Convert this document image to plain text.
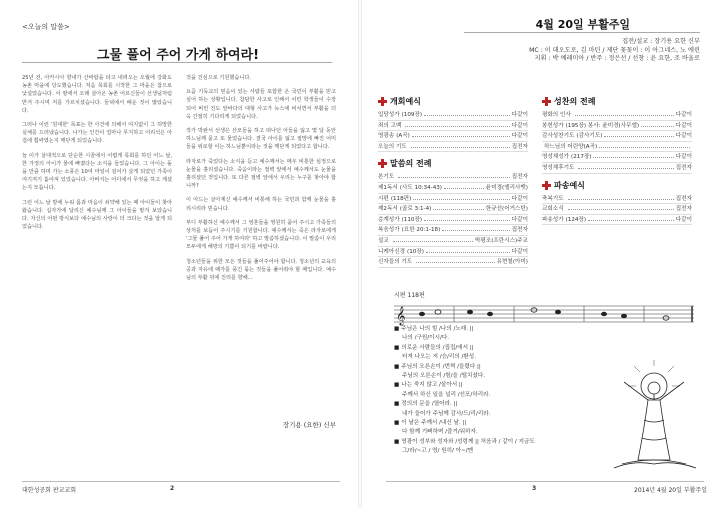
<오늘의 말씀>
그물 풀어 주어 가게 하여라!

25년 전, 아카시아 향내가 산바람을 타고 내려오는 오월에 강화도 농촌 마을에 당도했습니다. 처음 목회를 시작한 그 마을은 참으로 낯설었습니다. 이 땅에서 오래 살아온 농촌 어르신들이 선생님처럼 반겨 주시며 저를 가르치셨습니다. 들녘에서 배운 것이 많았습니다.

그러나 이런 '원대한' 목표는 한 사건에 의해서 여지없이 그 허망한 실체를 드러냈습니다. 나가는 인간이 얼마나 무지하고 어리석은 아집에 휩싸였는지 깨닫게 되었습니다.

늘 이가 살대적으로 단순한 시골에서 어렵게 목회를 하던 어느 날, 한 가정의 아이가 물에 빠졌다는 소식을 들었습니다. 그 아이는 돌을 만큼 하며 가는 소풍은 10여 마일이 걸어가 살게 되었던 가족이 여기저기 흩어져 있었습니다. 아버지는 어디에서 무엇을 하고 계셨는지 모릅니다.

그런 어느 날 방에 누워 몸과 마음이 쇠약해 있는 때 아이들이 찾아왔습니다. 십자가에 달리신 예수님께 그 아이들을 맡겨 보았습니다. 자신의 어떤 방식보다 예수님의 사랑이 더 크다는 것을 알게 되었습니다.

것을 진심으로 기원했습니다.

요즘 기독교의 믿음이 있는 사람들 포함한 온 국민이 부활을 믿고 싶어 하는 상황입니다. 참담한 사고로 인해서 어린 학생들이 수장되어 버린 진도 앞바다의 대형 사고가 뉴스에 비치면서 부활을 더욱 간절히 기다리게 되었습니다.

작가 박완서 선생은 산모들을 하고 떠나던 아들을 잃고 몇 달 동안 하느님께 묻고 또 물었습니다. 결국 아이를 잃고 절망에 빠진 어미들을 위로할 이는 하느님뿐이라는 것을 깨닫게 되었다고 합니다.

라자로가 죽었다는 소식을 듣고 예수께서는 매우 비통한 심정으로 눈물을 흘리셨습니다. 죽음이라는 절벽 앞에서 예수께서도 눈물을 흘리셨던 것입니다. 또 다른 절벽 앞에서 우리는 누구를 찾아야 합니까?

이 아드는 살아계신 예수께서 비통해 하는 국민과 함께 눈물을 흘리시리라 믿습니다.

부디 부활하신 예수께서 그 영혼들을 영원히 품어 주시고 가족들의 상처를 보듬어 주시기를 기원합니다. 예수께서는 죽은 라자로에게 '그물 풀어 주어 가게 하여라' 하고 말씀하셨습니다. 이 말씀이 우리 모두에게 해방의 기쁨이 되기를 바랍니다.

청소년들을 위한 모든 것들을 풀어주어야 합니다. 청소년의 교육의 공과 자유에 때가를 풍긴 묶는 것들을 풀어줘야 할 때입니다. 예수님의 부활 뒤에 진리를 향해...

장기용 (요한) 신부
대한성공회 판교교회	2
4월 20일 부활주일
집전/설교 : 장기용 요한 신부
MC : 이 데오도로, 김 마틴 / 제단 꽃꽂이 : 이 아그네스, 노 에린
지휘 : 박 예레미아 / 반주 : 정은선 / 선창 : 윤 요한, 조 바울로
개회예식
입당성가 (109장)	다같이
죄의 고백	다같이
영광송 (A곡)	다같이
오늘의 기도	집전자
말씀의 전례
본기도	집전자
제1독서 (사도 10:34-43)	윤미경(엘리사벳)
시편 (118편)	다같이
제2독서 (골로 3:1-4)	한규선(어거스틴)
층계성가 (110장)	다같이
복음성가 (요한 20:1-18)	집전자
설교	박평조(프란시스)주교
니케아신경 (10장)	다같이
신자들의 기도	유현철(아미)
성찬의 전례
평화의 인사	다같이
봉헌성가 (195장) 봉사: 윤미경(사무엘)	다같이
감사성찬기도 (감사기도)	다같이
하느님의 어린양(A곡)
영성체성가 (217장)	다같이
영성체후기도	집전자
파송예식
축복기도	집전자
교회소식	집전자
파송성가 (124장)	다같이
시편 118편
𝄞
■ 주님은 나의 힘 /나의 /노래. ||
나의 /구원/이시/다.
■ 의로운 사람들의 /집집/에서 ||
터져 나오는 저 /승/리의 /환성.
■ 주님의 오른손이 /번쩍 /들렸다 ||
주님의 오른손이 /힘/을 /떨치셨다.
■ 나는 죽지 않고 /살아서 ||
주께서 하신 일을 널리 /선포/하리라.
■ 정의의 문을 /열어라. ||
내가 들어가 주님께 감사/드/리/리라.
■ 이 날은 주께서 /내신 날. ||
다 함께 기뻐하며 /즐거/워하자.
■ 영광이 성부와 성자와 /성령께 || 처음과 / 같이 / 지금도
그/라/~고 / 영/ 원히/ 아~/멘
3	2014년 4월 20일 부활주일
